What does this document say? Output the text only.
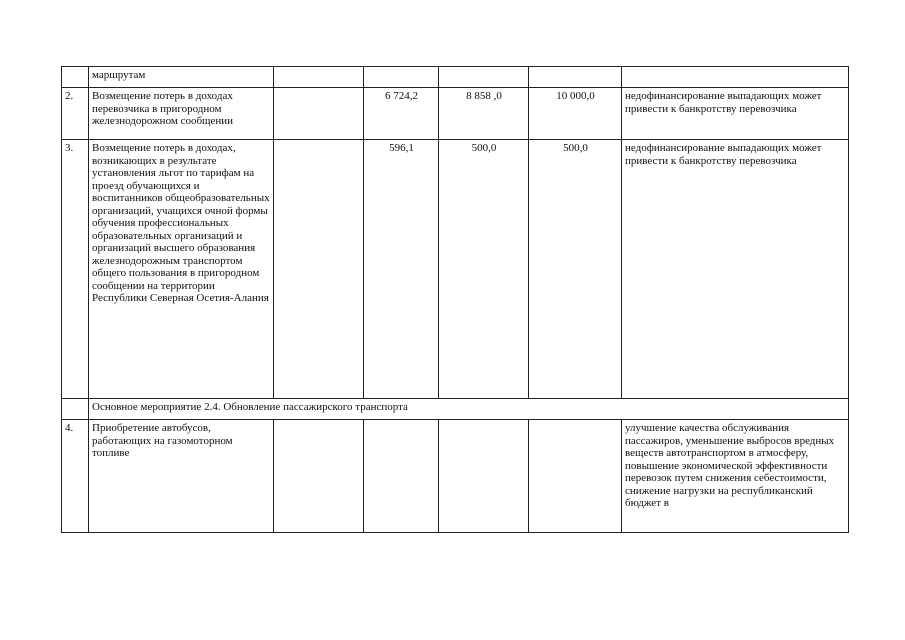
	маршрутам					
2.	Возмещение потерь в доходах перевозчика в пригородном железнодорожном сообщении		6 724,2	8 858 ,0	10 000,0	недофинансирование выпадающих может привести к банкротству перевозчика
3.	Возмещение потерь в доходах, возникающих в результате установления льгот по тарифам на проезд обучающихся и воспитанников общеобразовательных организаций, учащихся очной формы обучения профессиональных образовательных организаций и организаций высшего образования железнодорожным транспортом общего пользования в пригородном сообщении на территории Республики Северная Осетия-Алания		596,1	500,0	500,0	недофинансирование выпадающих может привести к банкротству перевозчика
	Основное мероприятие 2.4. Обновление пассажирского транспорта					
4.	Приобретение автобусов, работающих на газомоторном топливе					улучшение качества обслуживания пассажиров, уменьшение выбросов вредных веществ автотранспортом в атмосферу, повышение экономической эффективности перевозок путем снижения себестоимости, снижение нагрузки на республиканский бюджет в
